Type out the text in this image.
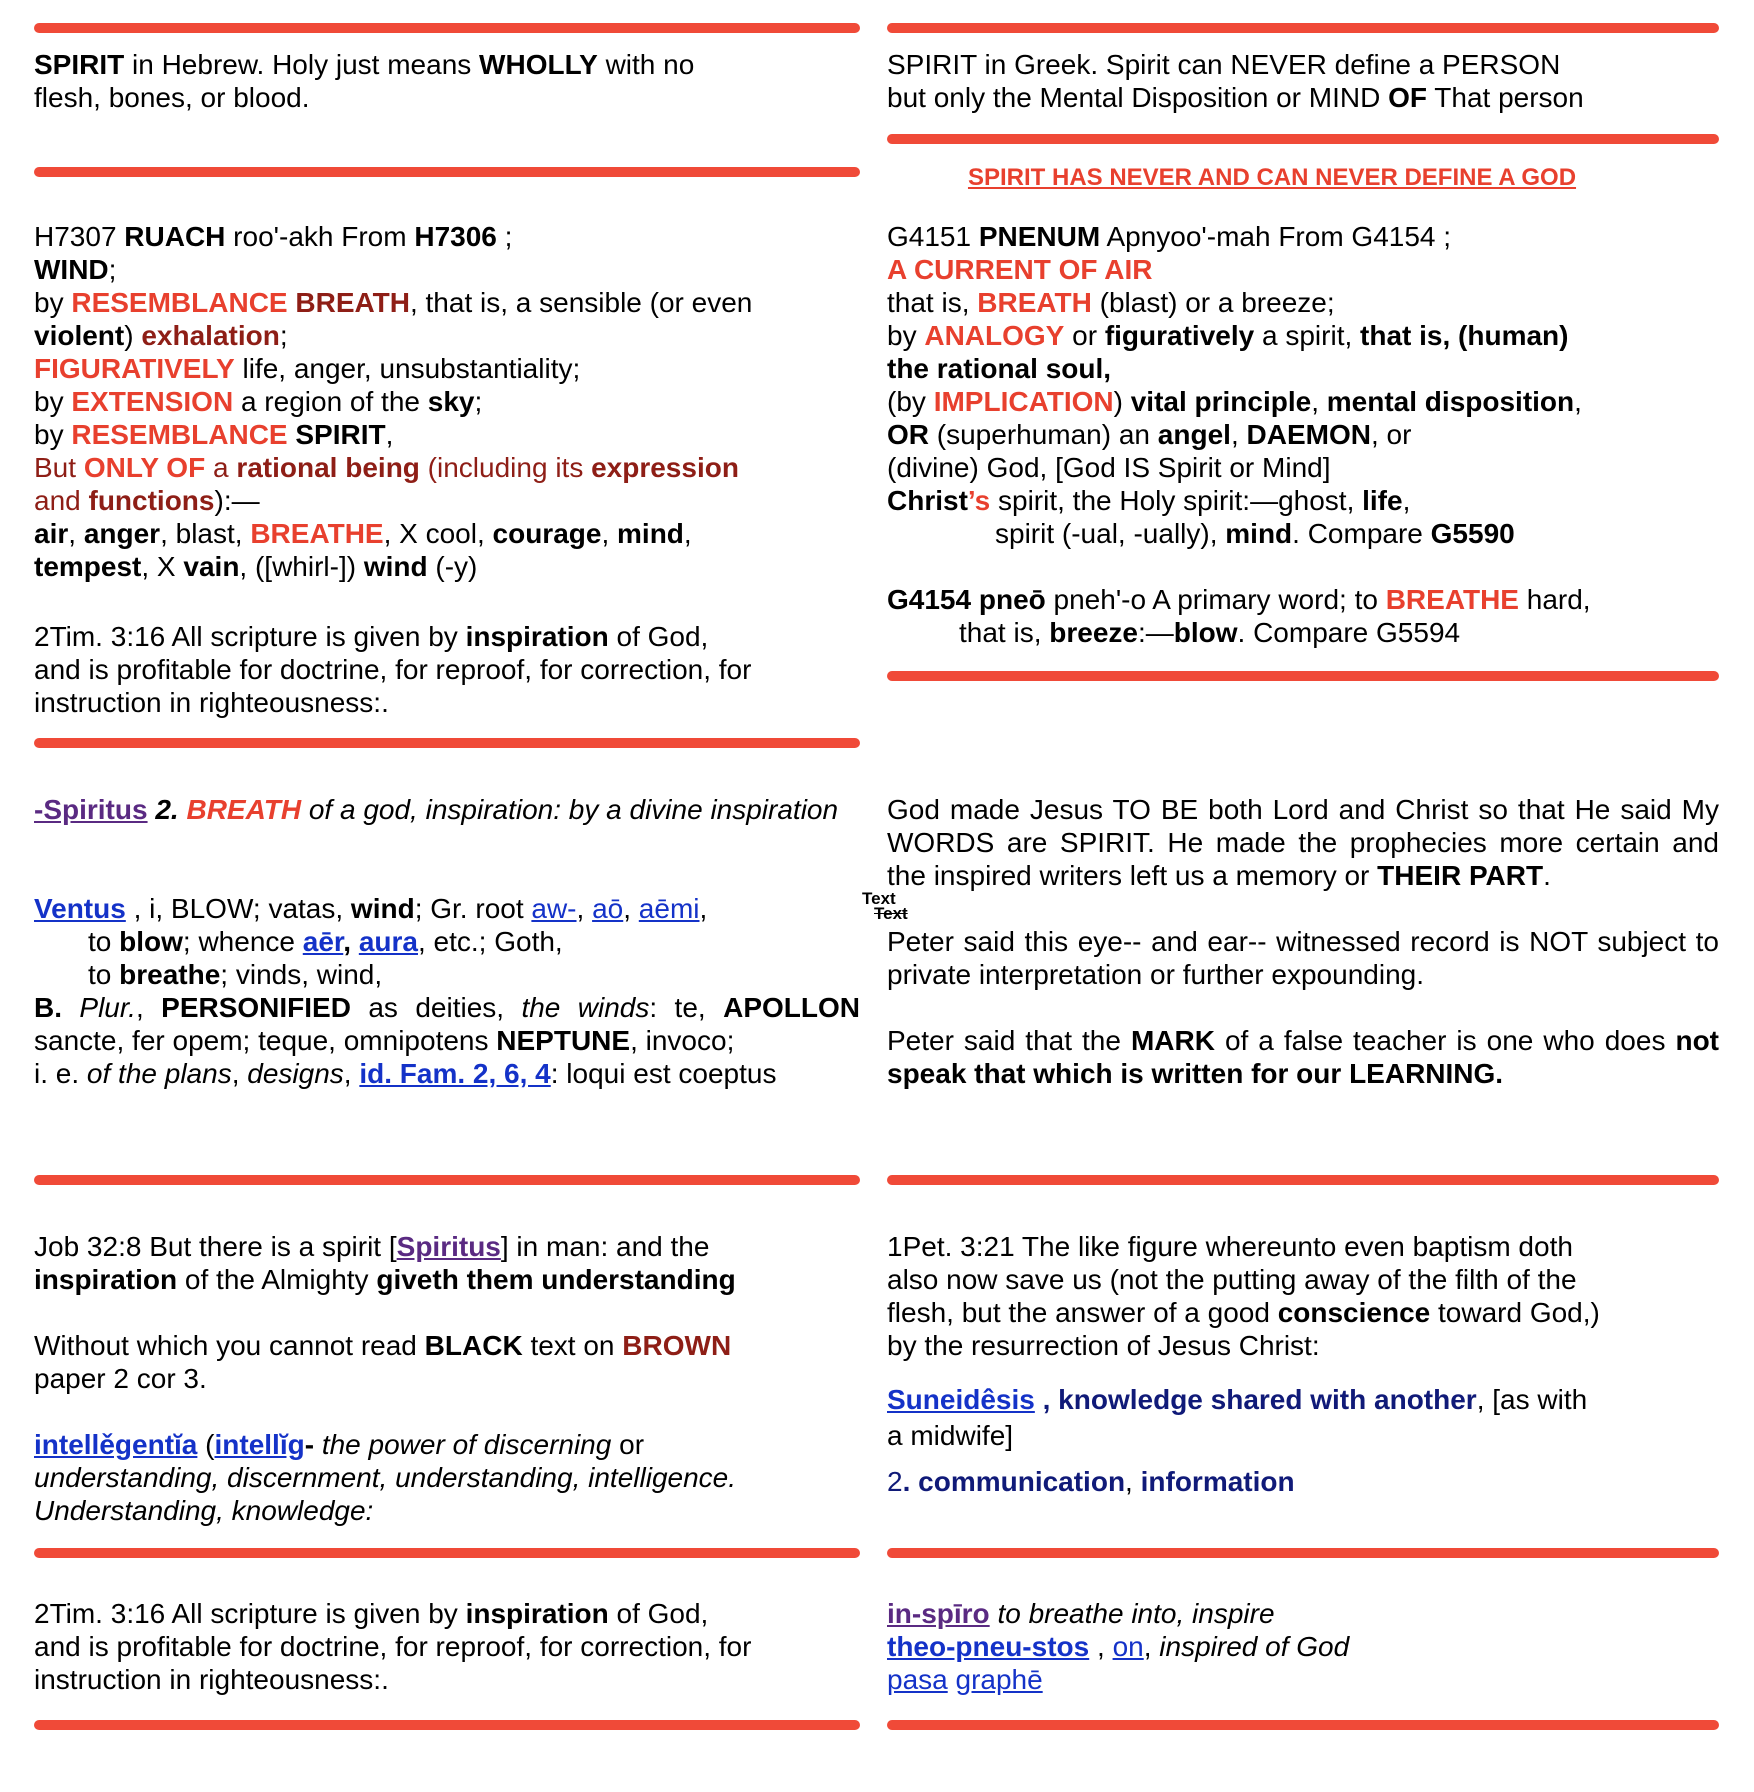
SPIRIT in Hebrew. Holy just means WHOLLY with no
flesh, bones, or blood.
SPIRIT in Greek. Spirit can NEVER define a PERSON
but only the Mental Disposition or MIND OF That person
SPIRIT HAS NEVER AND CAN NEVER DEFINE A GOD
H7307 RUACH roo'-akh From H7306 ;
WIND;
by RESEMBLANCE BREATH, that is, a sensible (or even
violent) exhalation;
FIGURATIVELY life, anger, unsubstantiality;
by EXTENSION a region of the sky;
by RESEMBLANCE SPIRIT,
But ONLY OF a rational being (including its expression
and functions):—
air, anger, blast, BREATHE, X cool, courage, mind,
tempest, X vain, ([whirl-]) wind (-y)
2Tim. 3:16 All scripture is given by inspiration of God,
and is profitable for doctrine, for reproof, for correction, for
instruction in righteousness:.
G4151 PNENUM Apnyoo'-mah From G4154 ;
A CURRENT OF AIR
that is, BREATH (blast) or a breeze;
by ANALOGY or figuratively a spirit, that is, (human)
the rational soul,
(by IMPLICATION) vital principle, mental disposition,
OR (superhuman) an angel, DAEMON, or
(divine) God, [God IS Spirit or Mind]
Christ’s spirit, the Holy spirit:—ghost, life,
spirit (-ual, -ually), mind. Compare G5590

G4154 pneō pneh'-o A primary word; to BREATHE hard,
that is, breeze:—blow. Compare G5594
-Spiritus 2. BREATH of a god, inspiration: by a divine inspiration
Ventus , i, BLOW; vatas, wind; Gr. root aw-, aō, aēmi,
to blow; whence aēr, aura, etc.; Goth,
to breathe; vinds, wind,
B. Plur., PERSONIFIED as deities, the winds: te, APOLLON sancte, fer opem; teque, omnipotens NEPTUNE, invoco;
i. e. of the plans, designs, id. Fam. 2, 6, 4: loqui est coeptus
Text
Text
God made Jesus TO BE both Lord and Christ so that He said My WORDS are SPIRIT. He made the prophecies more certain and the inspired writers left us a memory or THEIR PART.

Peter said this eye-- and ear-- witnessed record is NOT subject to private interpretation or further expounding.

Peter said that the MARK of a false teacher is one who does not speak that which is written for our LEARNING.
Job 32:8 But there is a spirit [Spiritus] in man: and the
inspiration of the Almighty giveth them understanding

Without which you cannot read BLACK text on BROWN
paper 2 cor 3.

intellěgentĭa (intellĭg- the power of discerning or
understanding, discernment, understanding, intelligence.
Understanding, knowledge:
1Pet. 3:21 The like figure whereunto even baptism doth
also now save us (not the putting away of the filth of the
flesh, but the answer of a good conscience toward God,)
by the resurrection of Jesus Christ:
Suneidêsis , knowledge shared with another, [as with
a midwife]
2. communication, information
2Tim. 3:16 All scripture is given by inspiration of God,
and is profitable for doctrine, for reproof, for correction, for
instruction in righteousness:.
in-spīro to breathe into, inspire
theo-pneu-stos , on, inspired of God
pasa graphē
